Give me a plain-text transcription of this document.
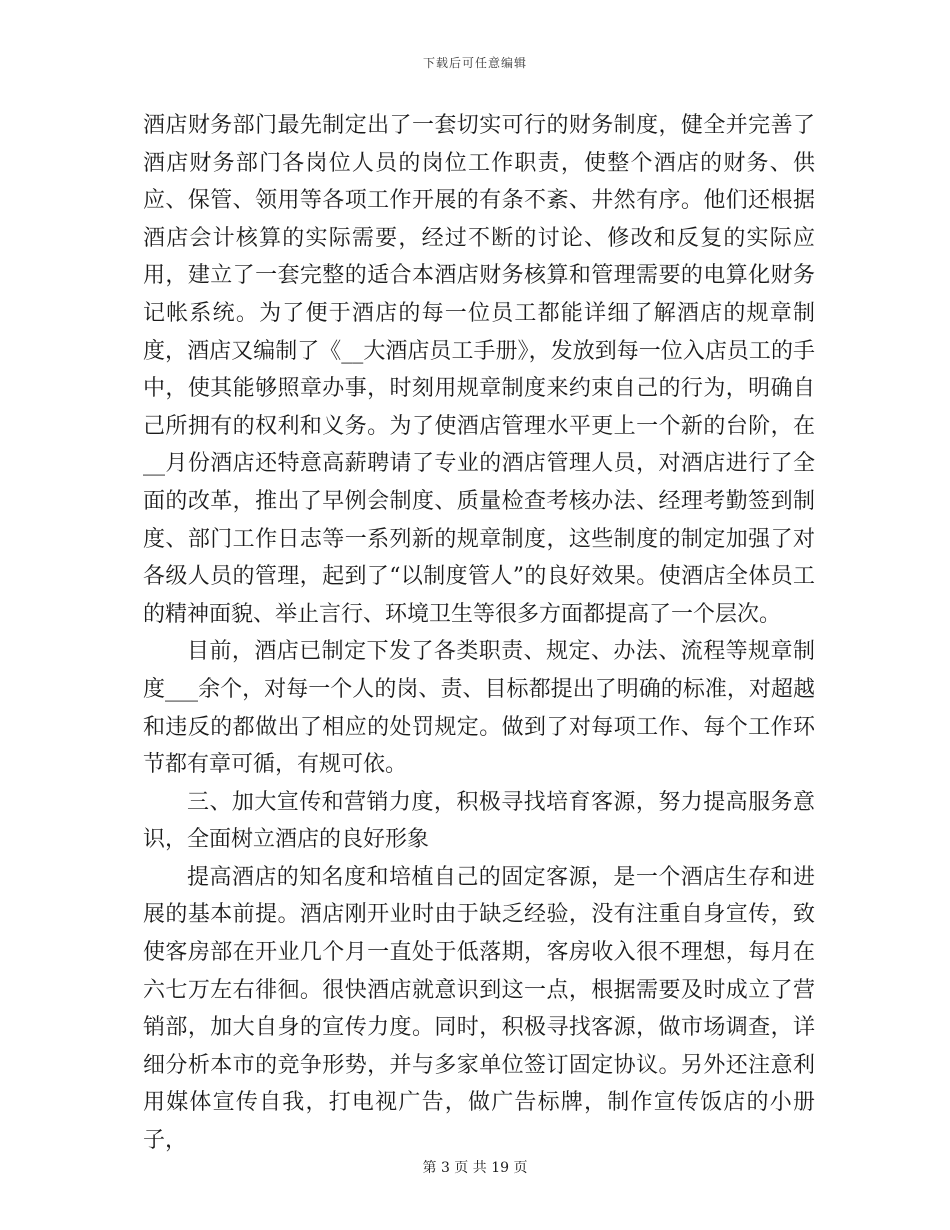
下载后可任意编辑

酒店财务部门最先制定出了一套切实可行的财务制度，健全并完善了酒店财务部门各岗位人员的岗位工作职责，使整个酒店的财务、供应、保管、领用等各项工作开展的有条不紊、井然有序。他们还根据酒店会计核算的实际需要，经过不断的讨论、修改和反复的实际应用，建立了一套完整的适合本酒店财务核算和管理需要的电算化财务记帐系统。为了便于酒店的每一位员工都能详细了解酒店的规章制度，酒店又编制了《__大酒店员工手册》，发放到每一位入店员工的手中，使其能够照章办事，时刻用规章制度来约束自己的行为，明确自己所拥有的权利和义务。为了使酒店管理水平更上一个新的台阶，在__月份酒店还特意高薪聘请了专业的酒店管理人员，对酒店进行了全面的改革，推出了早例会制度、质量检查考核办法、经理考勤签到制度、部门工作日志等一系列新的规章制度，这些制度的制定加强了对各级人员的管理，起到了“以制度管人”的良好效果。使酒店全体员工的精神面貌、举止言行、环境卫生等很多方面都提高了一个层次。

目前，酒店已制定下发了各类职责、规定、办法、流程等规章制度___余个，对每一个人的岗、责、目标都提出了明确的标准，对超越和违反的都做出了相应的处罚规定。做到了对每项工作、每个工作环节都有章可循，有规可依。

三、加大宣传和营销力度，积极寻找培育客源，努力提高服务意识，全面树立酒店的良好形象

提高酒店的知名度和培植自己的固定客源，是一个酒店生存和进展的基本前提。酒店刚开业时由于缺乏经验，没有注重自身宣传，致使客房部在开业几个月一直处于低落期，客房收入很不理想，每月在六七万左右徘徊。很快酒店就意识到这一点，根据需要及时成立了营销部，加大自身的宣传力度。同时，积极寻找客源，做市场调查，详细分析本市的竞争形势，并与多家单位签订固定协议。另外还注意利用媒体宣传自我，打电视广告，做广告标牌，制作宣传饭店的小册子，

第 3 页 共 19 页
